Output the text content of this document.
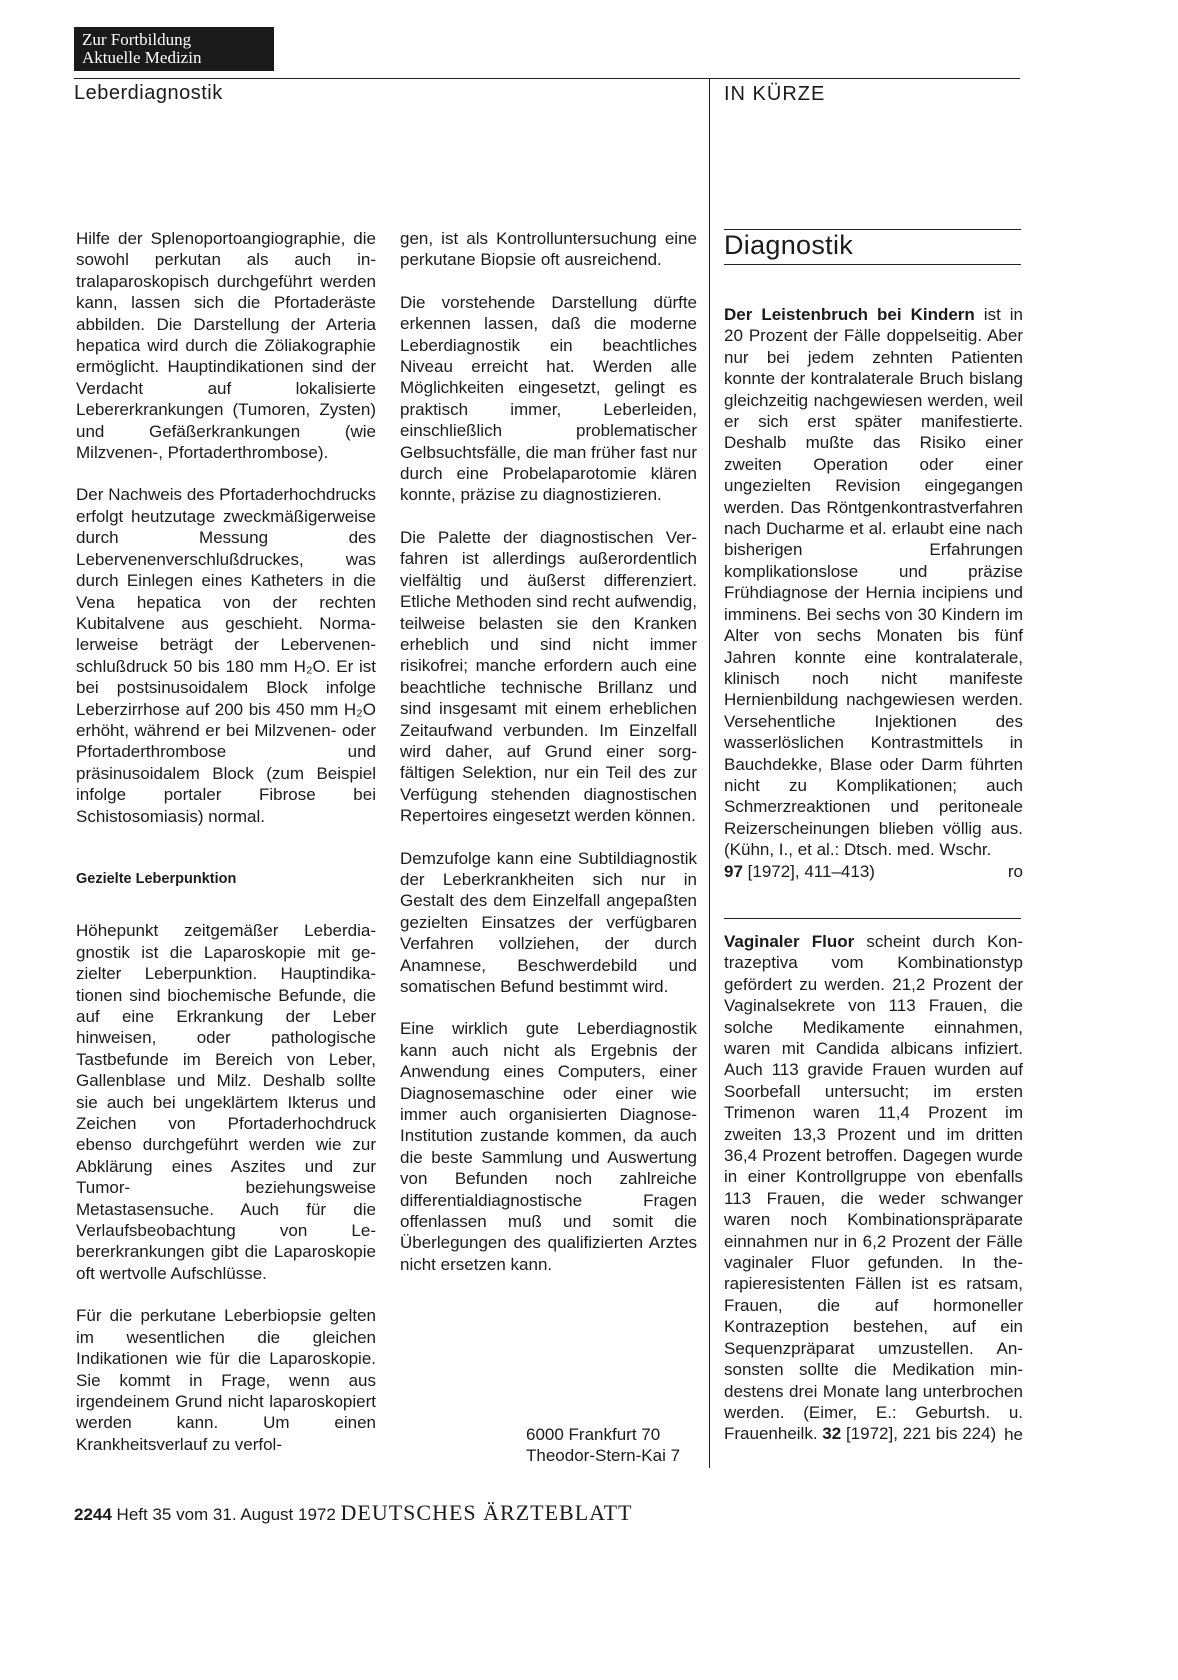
Zur Fortbildung
Aktuelle Medizin
Leberdiagnostik	IN KÜRZE

Hilfe der Splenoportoangiographie, die sowohl perkutan als auch intralaparoskopisch durchgeführt werden kann, lassen sich die Pfortaderäste abbilden. Die Darstellung der Arteria hepatica wird durch die Zöliakographie ermöglicht. Hauptindikationen sind der Verdacht auf lokalisierte Lebererkrankungen (Tumoren, Zysten) und Gefäßerkrankungen (wie Milzvenen-, Pfortaderthrombose).

Der Nachweis des Pfortaderhochdrucks erfolgt heutzutage zweckmäßigerweise durch Messung des Lebervenenverschlußdruckes, was durch Einlegen eines Katheters in die Vena hepatica von der rechten Kubitalvene aus geschieht. Normalerweise beträgt der Lebervenenschlußdruck 50 bis 180 mm H₂O. Er ist bei postsinusoidalem Block infolge Leberzirrhose auf 200 bis 450 mm H₂O erhöht, während er bei Milzvenen- oder Pfortaderthrombose und präsinusoidalem Block (zum Beispiel infolge portaler Fibrose bei Schistosomiasis) normal.

Gezielte Leberpunktion

Höhepunkt zeitgemäßer Leberdiagnostik ist die Laparoskopie mit gezielter Leberpunktion. Hauptindikationen sind biochemische Befunde, die auf eine Erkrankung der Leber hinweisen, oder pathologische Tastbefunde im Bereich von Leber, Gallenblase und Milz. Deshalb sollte sie auch bei ungeklärtem Ikterus und Zeichen von Pfortaderhochdruck ebenso durchgeführt werden wie zur Abklärung eines Aszites und zur Tumor- beziehungsweise Metastasensuche. Auch für die Verlaufsbeobachtung von Lebererkrankungen gibt die Laparoskopie oft wertvolle Aufschlüsse.

Für die perkutane Leberbiopsie gelten im wesentlichen die gleichen Indikationen wie für die Laparoskopie. Sie kommt in Frage, wenn aus irgendeinem Grund nicht laparoskopiert werden kann. Um einen Krankheitsverlauf zu verfol-

gen, ist als Kontrolluntersuchung eine perkutane Biopsie oft ausreichend.

Die vorstehende Darstellung dürfte erkennen lassen, daß die moderne Leberdiagnostik ein beachtliches Niveau erreicht hat. Werden alle Möglichkeiten eingesetzt, gelingt es praktisch immer, Leberleiden, einschließlich problematischer Gelbsuchtsfälle, die man früher fast nur durch eine Probelaparotomie klären konnte, präzise zu diagnostizieren.

Die Palette der diagnostischen Verfahren ist allerdings außerordentlich vielfältig und äußerst differenziert. Etliche Methoden sind recht aufwendig, teilweise belasten sie den Kranken erheblich und sind nicht immer risikofrei; manche erfordern auch eine beachtliche technische Brillanz und sind insgesamt mit einem erheblichen Zeitaufwand verbunden. Im Einzelfall wird daher, auf Grund einer sorgfältigen Selektion, nur ein Teil des zur Verfügung stehenden diagnostischen Repertoires eingesetzt werden können.

Demzufolge kann eine Subtildiagnostik der Leberkrankheiten sich nur in Gestalt des dem Einzelfall angepaßten gezielten Einsatzes der verfügbaren Verfahren vollziehen, der durch Anamnese, Beschwerdebild und somatischen Befund bestimmt wird.

Eine wirklich gute Leberdiagnostik kann auch nicht als Ergebnis der Anwendung eines Computers, einer Diagnosemaschine oder einer wie immer auch organisierten Diagnose-Institution zustande kommen, da auch die beste Sammlung und Auswertung von Befunden noch zahlreiche differentialdiagnostische Fragen offenlassen muß und somit die Überlegungen des qualifizierten Arztes nicht ersetzen kann.

6000 Frankfurt 70
Theodor-Stern-Kai 7
Diagnostik

Der Leistenbruch bei Kindern ist in 20 Prozent der Fälle doppelseitig. Aber nur bei jedem zehnten Patienten konnte der kontralaterale Bruch bislang gleichzeitig nachgewiesen werden, weil er sich erst später manifestierte. Deshalb mußte das Risiko einer zweiten Operation oder einer ungezielten Revision eingegangen werden. Das Röntgenkontrastverfahren nach Ducharme et al. erlaubt eine nach bisherigen Erfahrungen komplikationslose und präzise Frühdiagnose der Hernia incipiens und imminens. Bei sechs von 30 Kindern im Alter von sechs Monaten bis fünf Jahren konnte eine kontralaterale, klinisch noch nicht manifeste Hernienbildung nachgewiesen werden. Versehentliche Injektionen des wasserlöslichen Kontrastmittels in Bauchdekke, Blase oder Darm führten nicht zu Komplikationen; auch Schmerzreaktionen und peritoneale Reizerscheinungen blieben völlig aus. (Kühn, I., et al.: Dtsch. med. Wschr.

97 [1972], 411–413)	ro

Vaginaler Fluor scheint durch Kontrazeptiva vom Kombinationstyp gefördert zu werden. 21,2 Prozent der Vaginalsekrete von 113 Frauen, die solche Medikamente einnahmen, waren mit Candida albicans infiziert. Auch 113 gravide Frauen wurden auf Soorbefall untersucht; im ersten Trimenon waren 11,4 Prozent im zweiten 13,3 Prozent und im dritten 36,4 Prozent betroffen. Dagegen wurde in einer Kontrollgruppe von ebenfalls 113 Frauen, die weder schwanger waren noch Kombinationspräparate einnahmen nur in 6,2 Prozent der Fälle vaginaler Fluor gefunden. In therapieresistenten Fällen ist es ratsam, Frauen, die auf hormoneller Kontrazeption bestehen, auf ein Sequenzpräparat umzustellen. Ansonsten sollte die Medikation mindestens drei Monate lang unterbrochen werden. (Eimer, E.: Geburtsh. u. Frauenheilk. 32 [1972], 221 bis 224) he

2244 Heft 35 vom 31. August 1972 DEUTSCHES ÄRZTEBLATT
